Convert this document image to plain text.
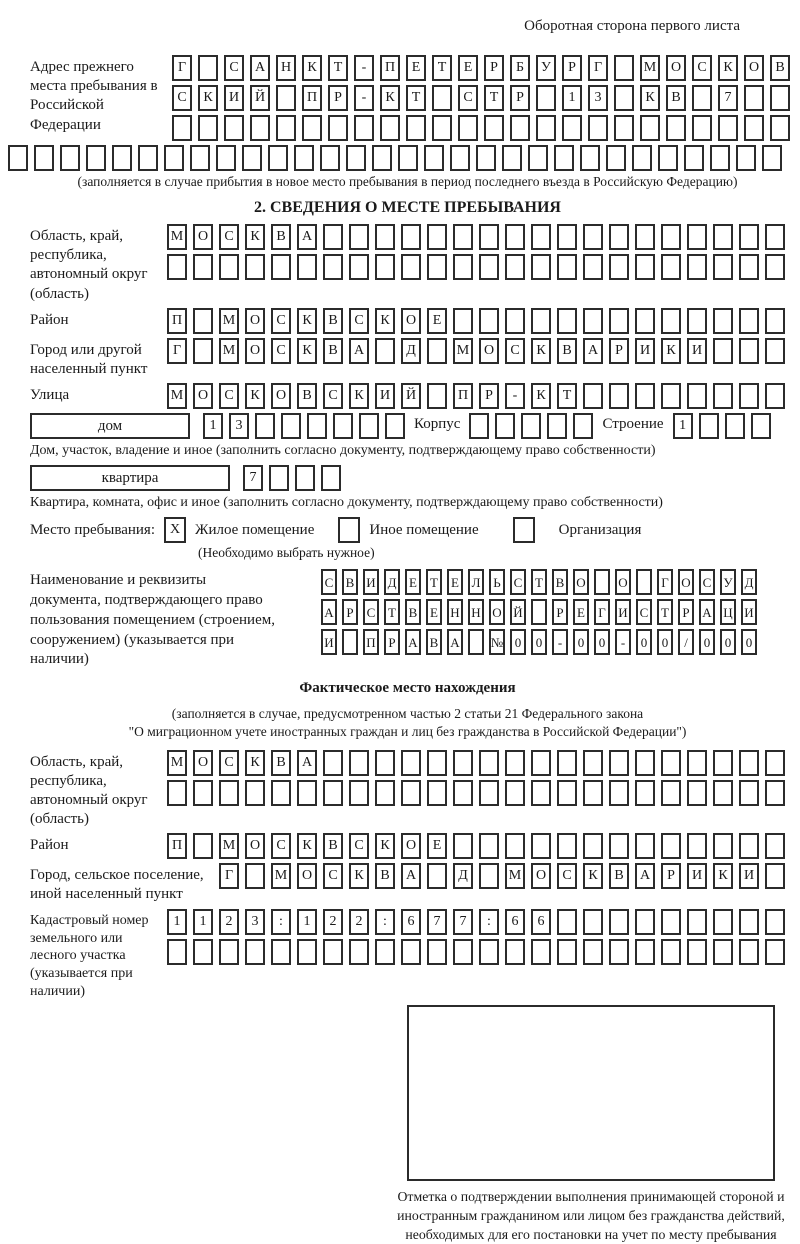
Оборотная сторона первого листа
Адрес прежнего места пребывания в Российской Федерации
Г	С	А	Н	К	Т	-	П	Е	Т	Е	Р	Б	У	Р	Г	М	О	С	К	О	В
С	К	И	Й	П	Р	-	К	Т	С	Т	Р	1	3	К	В	7
(заполняется в случае прибытия в новое место пребывания в период последнего въезда в Российскую Федерацию)
2. СВЕДЕНИЯ О МЕСТЕ ПРЕБЫВАНИЯ
Область, край, республика, автономный округ (область)
М	О	С	К	В	А
Район	П	М	О	С	К	В	С	К	О	Е
Город или другой населенный пункт
Г	М	О	С	К	В	А	Д	М	О	С	К	В	А	Р	И	К	И
Улица	М	О	С	К	О	В	С	К	И	Й	П	Р	-	К	Т
дом	1	3	Корпус	Строение	1
Дом, участок, владение и иное (заполнить согласно документу, подтверждающему право собственности)
квартира	7
Квартира, комната, офис и иное (заполнить согласно документу, подтверждающему право собственности)
Место пребывания:	X Жилое помещение	Иное помещение	Организация
(Необходимо выбрать нужное)
Наименование и реквизиты документа, подтверждающего право пользования помещением (строением, сооружением) (указывается при наличии)
С В И Д Е	Т	Е Л Ь С Т В О	О	Г О С У Д
А Р	С Т В Е Н Н О Й	Р	Е	Г И С Т	Р А Ц И
И	П Р А В А № 0	0	-	0	0	-	0	0	/	0	0	0
Фактическое место нахождения
(заполняется в случае, предусмотренном частью 2 статьи 21 Федерального закона
"О миграционном учете иностранных граждан и лиц без гражданства в Российской Федерации")
Область, край, республика, автономный округ (область)
М	О	С	К	В	А
Район	П	М	О	С	К	В	С	К	О	Е
Город, сельское поселение, иной населенный пункт
Г	М	О	С	К	В	А	Д	М	О	С	К	В	А	Р	И	К	И
Кадастровый номер земельного или лесного участка (указывается при наличии)
1	1	2	3	:	1	2	2	:	6	7	7	:	6	6
Отметка о подтверждении выполнения принимающей стороной и иностранным гражданином или лицом без гражданства действий, необходимых для его постановки на учет по месту пребывания
